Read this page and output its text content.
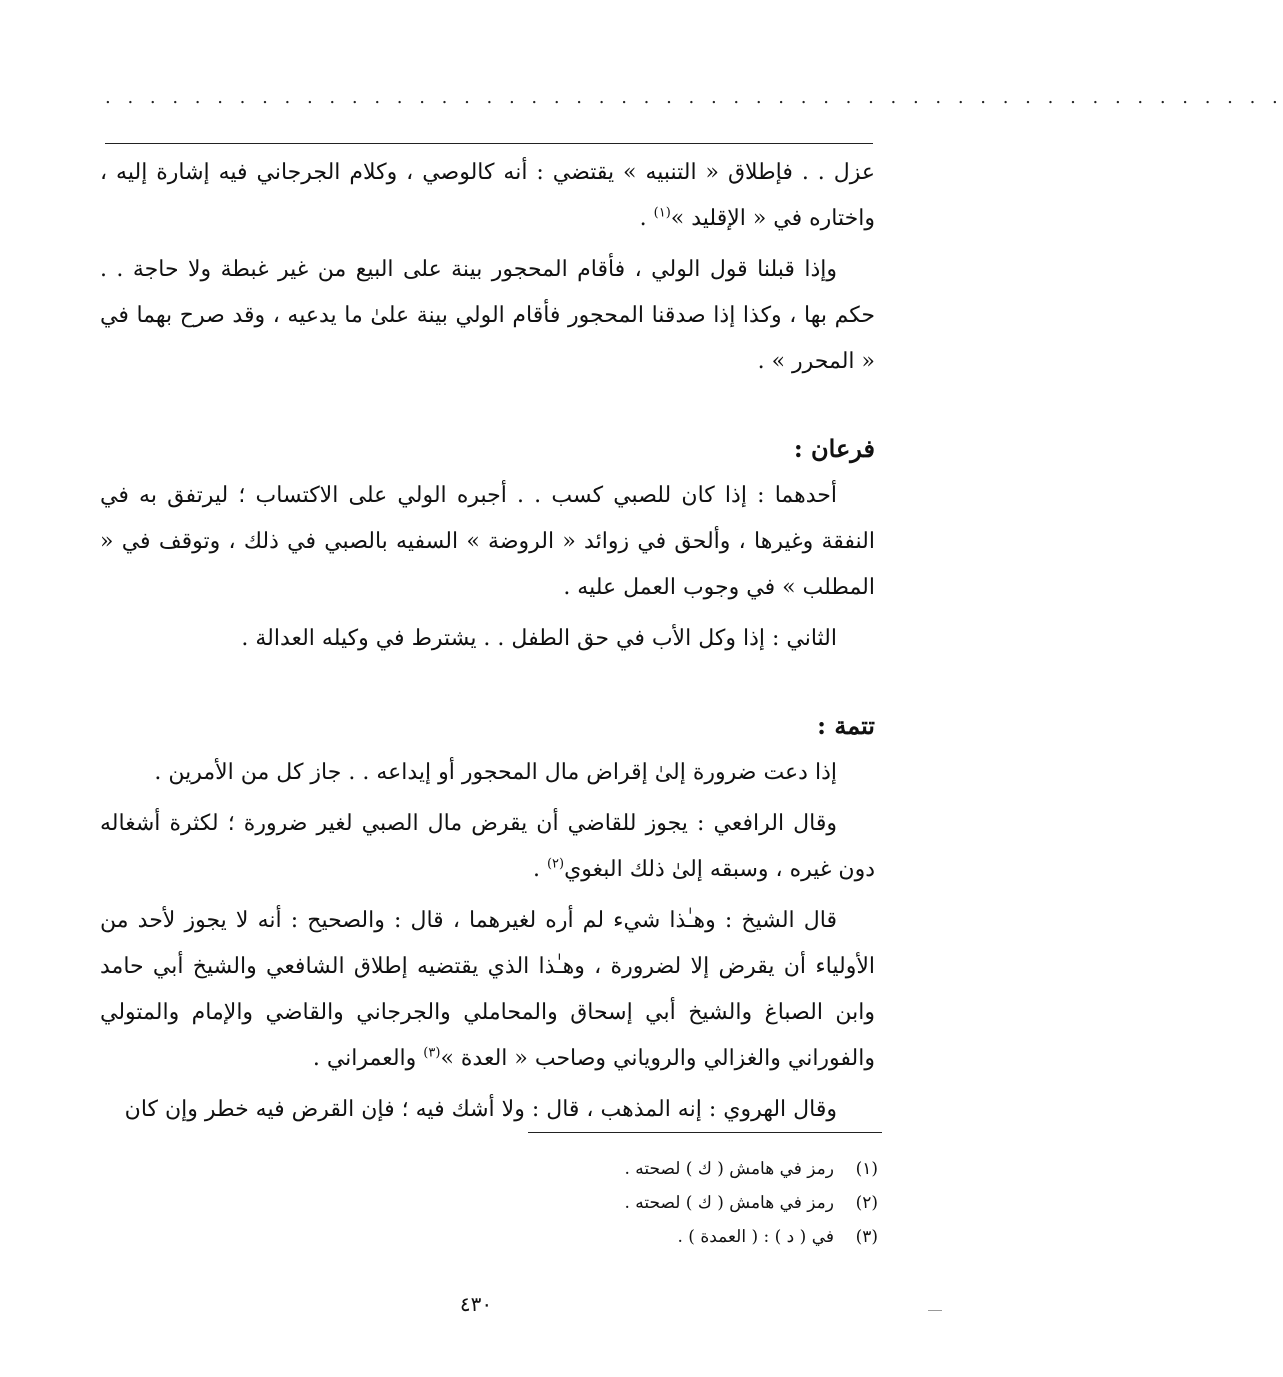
. . . . . . . . . . . . . . . . . . . . . . . . . . . . . . . . . . . . . . . . . . . . . . . . . . . . .

عزل . . فإطلاق « التنبيه » يقتضي : أنه كالوصي ، وكلام الجرجاني فيه إشارة إليه ، واختاره في « الإقليد »$^{(١)}$ .

وإذا قبلنا قول الولي ، فأقام المحجور بينة على البيع من غير غبطة ولا حاجة . . حكم بها ، وكذا إذا صدقنا المحجور فأقام الولي بينة علىٰ ما يدعيه ، وقد صرح بهما في « المحرر » .

فرعان :

أحدهما : إذا كان للصبي كسب . . أجبره الولي على الاكتساب ؛ ليرتفق به في النفقة وغيرها ، وألحق في زوائد « الروضة » السفيه بالصبي في ذلك ، وتوقف في « المطلب » في وجوب العمل عليه .

الثاني : إذا وكل الأب في حق الطفل . . يشترط في وكيله العدالة .

تتمة :

إذا دعت ضرورة إلىٰ إقراض مال المحجور أو إيداعه . . جاز كل من الأمرين .

وقال الرافعي : يجوز للقاضي أن يقرض مال الصبي لغير ضرورة ؛ لكثرة أشغاله دون غيره ، وسبقه إلىٰ ذلك البغوي$^{(٢)}$ .

قال الشيخ : وهـٰذا شيء لم أره لغيرهما ، قال : والصحيح : أنه لا يجوز لأحد من الأولياء أن يقرض إلا لضرورة ، وهـٰذا الذي يقتضيه إطلاق الشافعي والشيخ أبي حامد وابن الصباغ والشيخ أبي إسحاق والمحاملي والجرجاني والقاضي والإمام والمتولي والفوراني والغزالي والروياني وصاحب « العدة »$^{(٣)}$ والعمراني .

وقال الهروي : إنه المذهب ، قال : ولا أشك فيه ؛ فإن القرض فيه خطر وإن كان

(١)
رمز في هامش ( ك ) لصحته .
(٢)
رمز في هامش ( ك ) لصحته .
(٣)
في ( د ) : ( العمدة ) .
٤٣٠
